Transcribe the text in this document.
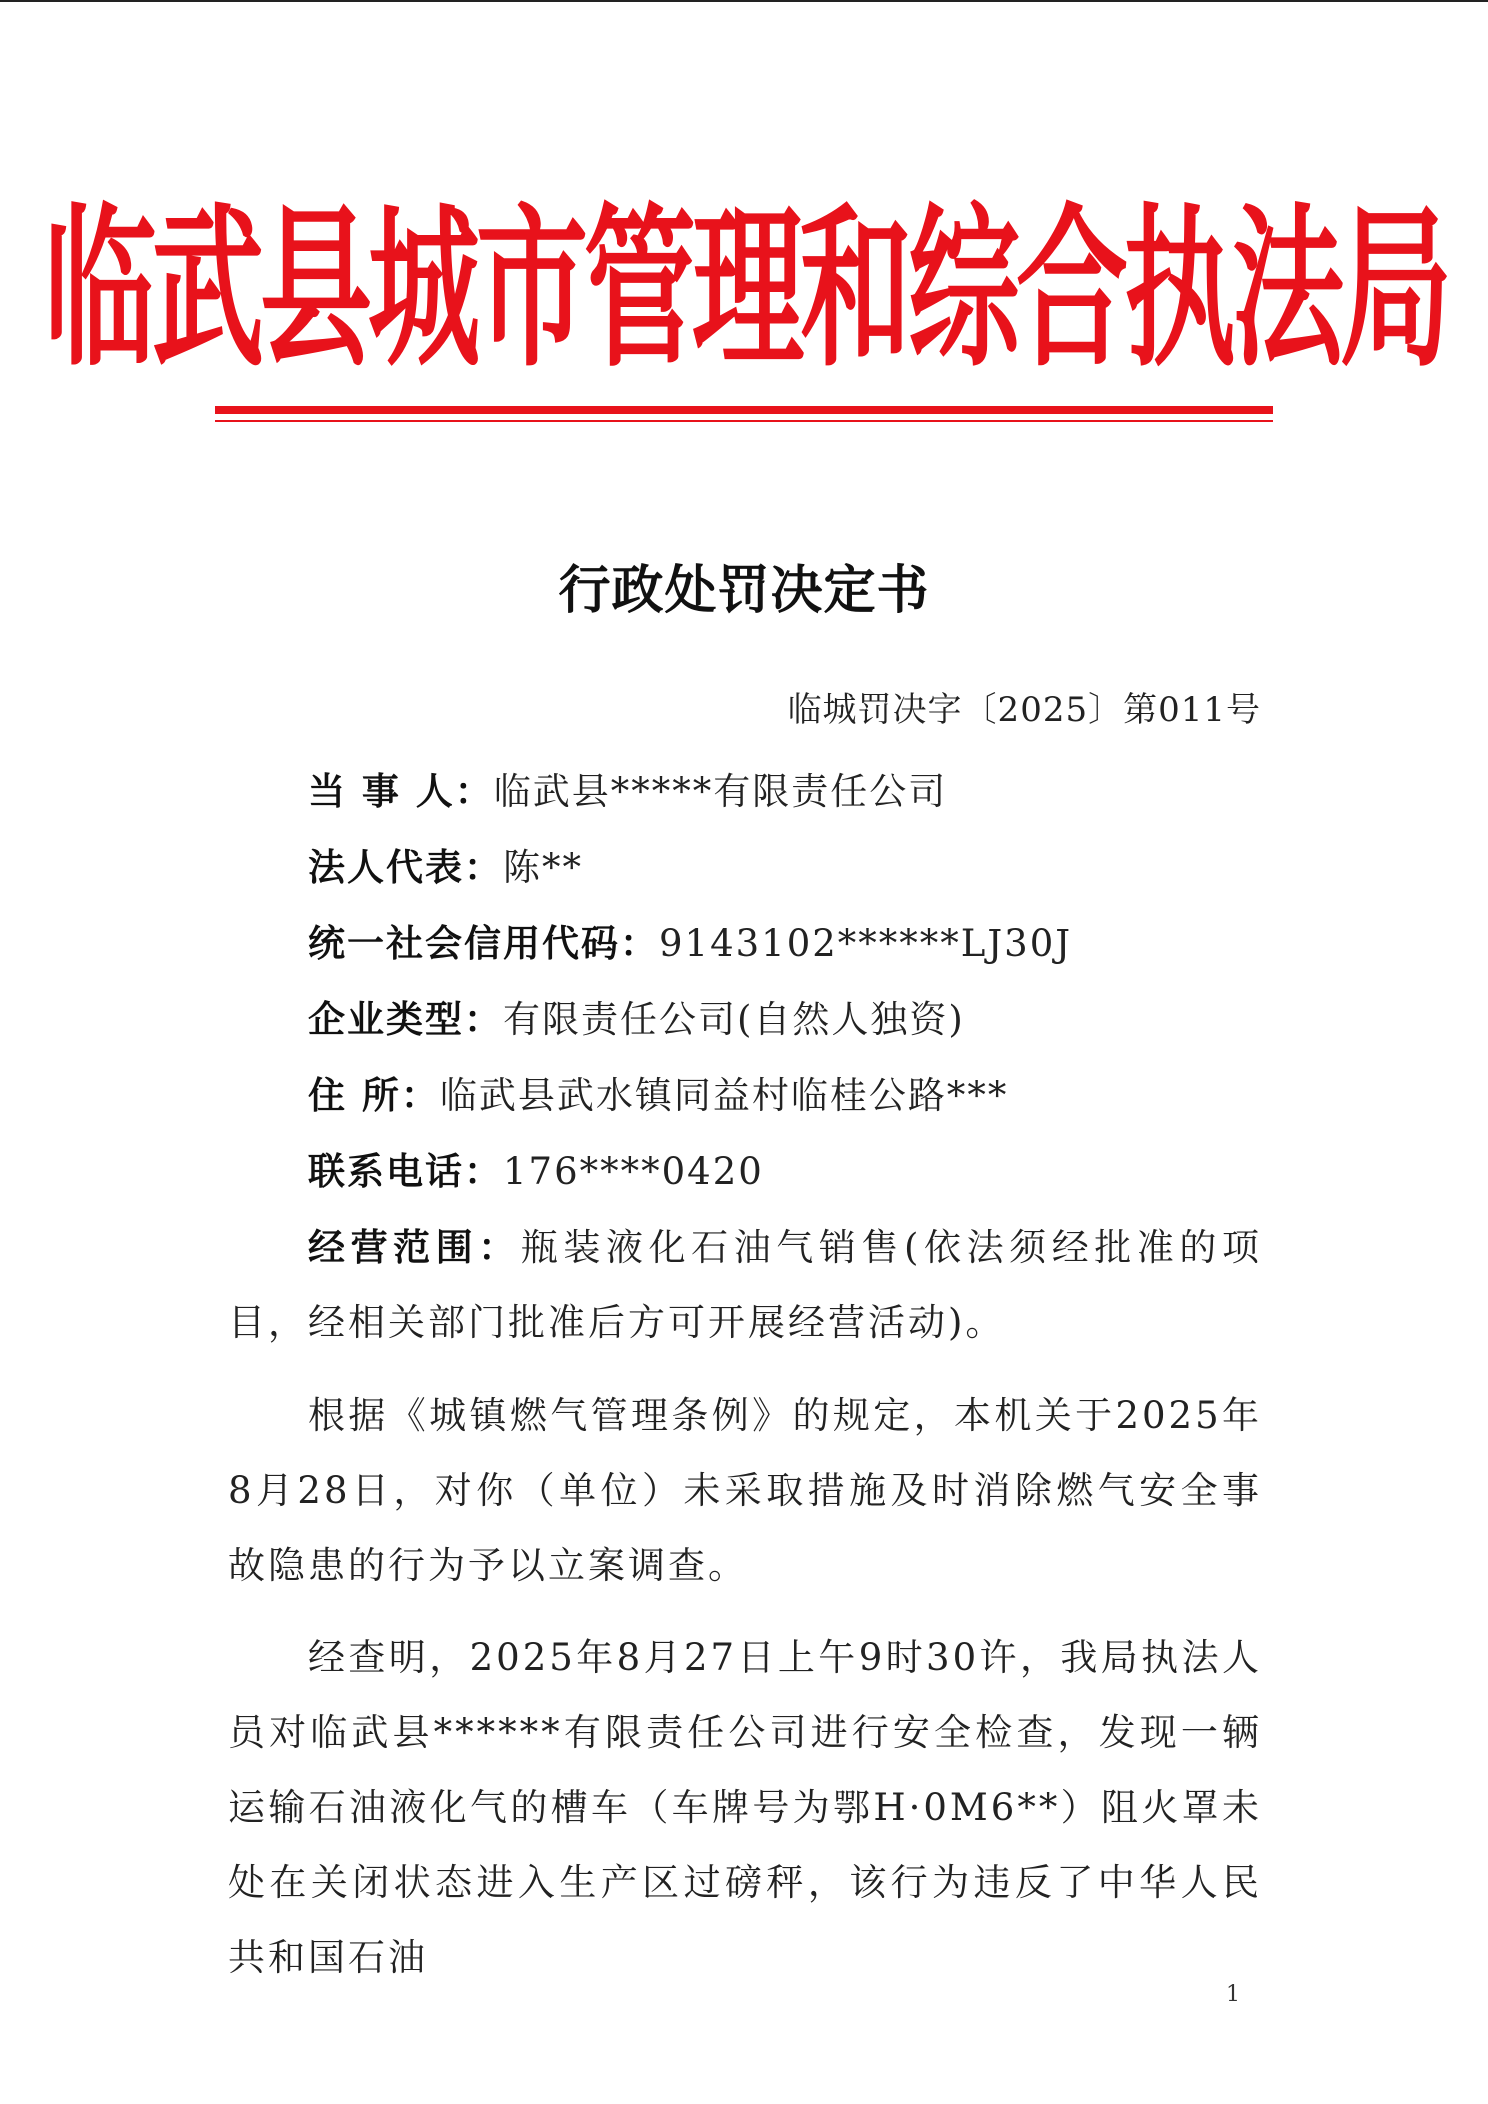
临武县城市管理和综合执法局
行政处罚决定书
临城罚决字〔2025〕第011号
当 事 人：临武县*****有限责任公司
法人代表：陈**
统一社会信用代码：9143102******LJ30J
企业类型：有限责任公司(自然人独资)
住 所：临武县武水镇同益村临桂公路***
联系电话：176****0420
经营范围：瓶装液化石油气销售(依法须经批准的项目，经相关部门批准后方可开展经营活动)。
根据《城镇燃气管理条例》的规定，本机关于2025年8月28日，对你（单位）未采取措施及时消除燃气安全事故隐患的行为予以立案调查。
经查明，2025年8月27日上午9时30许，我局执法人员对临武县******有限责任公司进行安全检查，发现一辆运输石油液化气的槽车（车牌号为鄂H·0M6**）阻火罩未处在关闭状态进入生产区过磅秤，该行为违反了中华人民共和国石油
1
